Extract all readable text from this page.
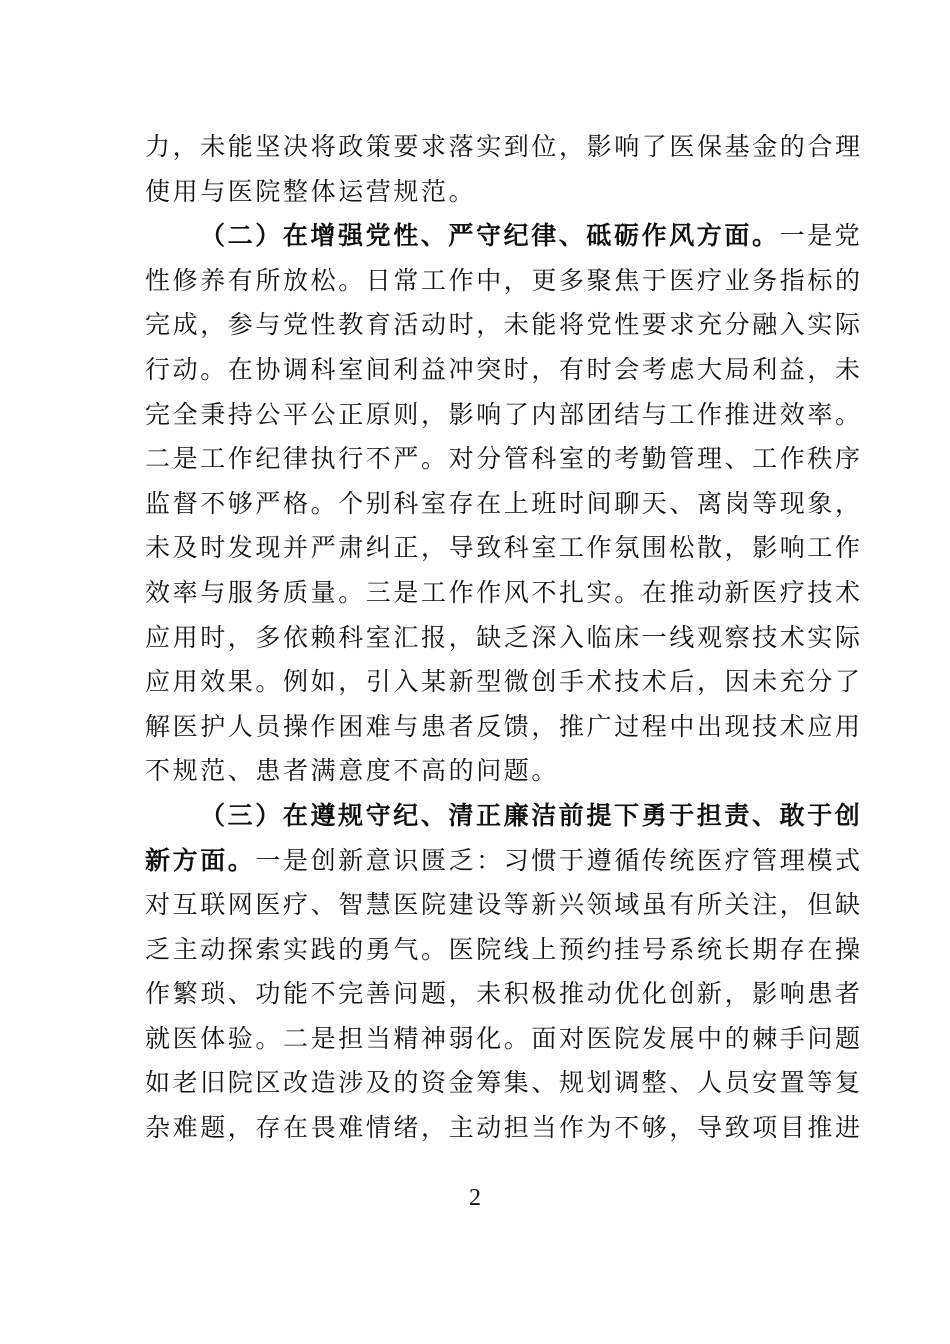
力，未能坚决将政策要求落实到位，影响了医保基金的合理
使用与医院整体运营规范。
（二）在增强党性、严守纪律、砥砺作风方面。一是党
性修养有所放松。日常工作中，更多聚焦于医疗业务指标的
完成，参与党性教育活动时，未能将党性要求充分融入实际
行动。在协调科室间利益冲突时，有时会考虑大局利益，未
完全秉持公平公正原则，影响了内部团结与工作推进效率。
二是工作纪律执行不严。对分管科室的考勤管理、工作秩序
监督不够严格。个别科室存在上班时间聊天、离岗等现象，
未及时发现并严肃纠正，导致科室工作氛围松散，影响工作
效率与服务质量。三是工作作风不扎实。在推动新医疗技术
应用时，多依赖科室汇报，缺乏深入临床一线观察技术实际
应用效果。例如，引入某新型微创手术技术后，因未充分了
解医护人员操作困难与患者反馈，推广过程中出现技术应用
不规范、患者满意度不高的问题。
（三）在遵规守纪、清正廉洁前提下勇于担责、敢于创
新方面。一是创新意识匮乏：习惯于遵循传统医疗管理模式
对互联网医疗、智慧医院建设等新兴领域虽有所关注，但缺
乏主动探索实践的勇气。医院线上预约挂号系统长期存在操
作繁琐、功能不完善问题，未积极推动优化创新，影响患者
就医体验。二是担当精神弱化。面对医院发展中的棘手问题
如老旧院区改造涉及的资金筹集、规划调整、人员安置等复
杂难题，存在畏难情绪，主动担当作为不够，导致项目推进
2
